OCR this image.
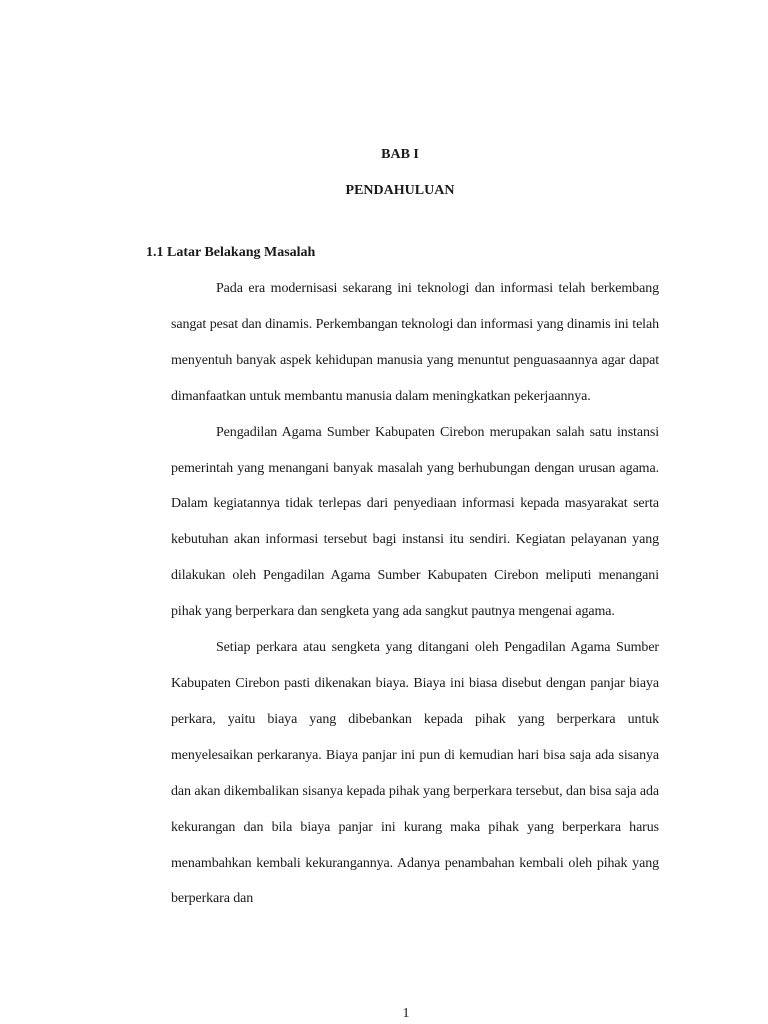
BAB I
PENDAHULUAN
1.1 Latar Belakang Masalah

Pada era modernisasi sekarang ini teknologi dan informasi telah berkembang sangat pesat dan dinamis. Perkembangan teknologi dan informasi yang dinamis ini telah menyentuh banyak aspek kehidupan manusia yang menuntut penguasaannya agar dapat dimanfaatkan untuk membantu manusia dalam meningkatkan pekerjaannya.

Pengadilan Agama Sumber Kabupaten Cirebon merupakan salah satu instansi pemerintah yang menangani banyak masalah yang berhubungan dengan urusan agama. Dalam kegiatannya tidak terlepas dari penyediaan informasi kepada masyarakat serta kebutuhan akan informasi tersebut bagi instansi itu sendiri. Kegiatan pelayanan yang dilakukan oleh Pengadilan Agama Sumber Kabupaten Cirebon meliputi menangani pihak yang berperkara dan sengketa yang ada sangkut pautnya mengenai agama.

Setiap perkara atau sengketa yang ditangani oleh Pengadilan Agama Sumber Kabupaten Cirebon pasti dikenakan biaya. Biaya ini biasa disebut dengan panjar biaya perkara, yaitu biaya yang dibebankan kepada pihak yang berperkara untuk menyelesaikan perkaranya. Biaya panjar ini pun di kemudian hari bisa saja ada sisanya dan akan dikembalikan sisanya kepada pihak yang berperkara tersebut, dan bisa saja ada kekurangan dan bila biaya panjar ini kurang maka pihak yang berperkara harus menambahkan kembali kekurangannya. Adanya penambahan kembali oleh pihak yang berperkara dan

1
